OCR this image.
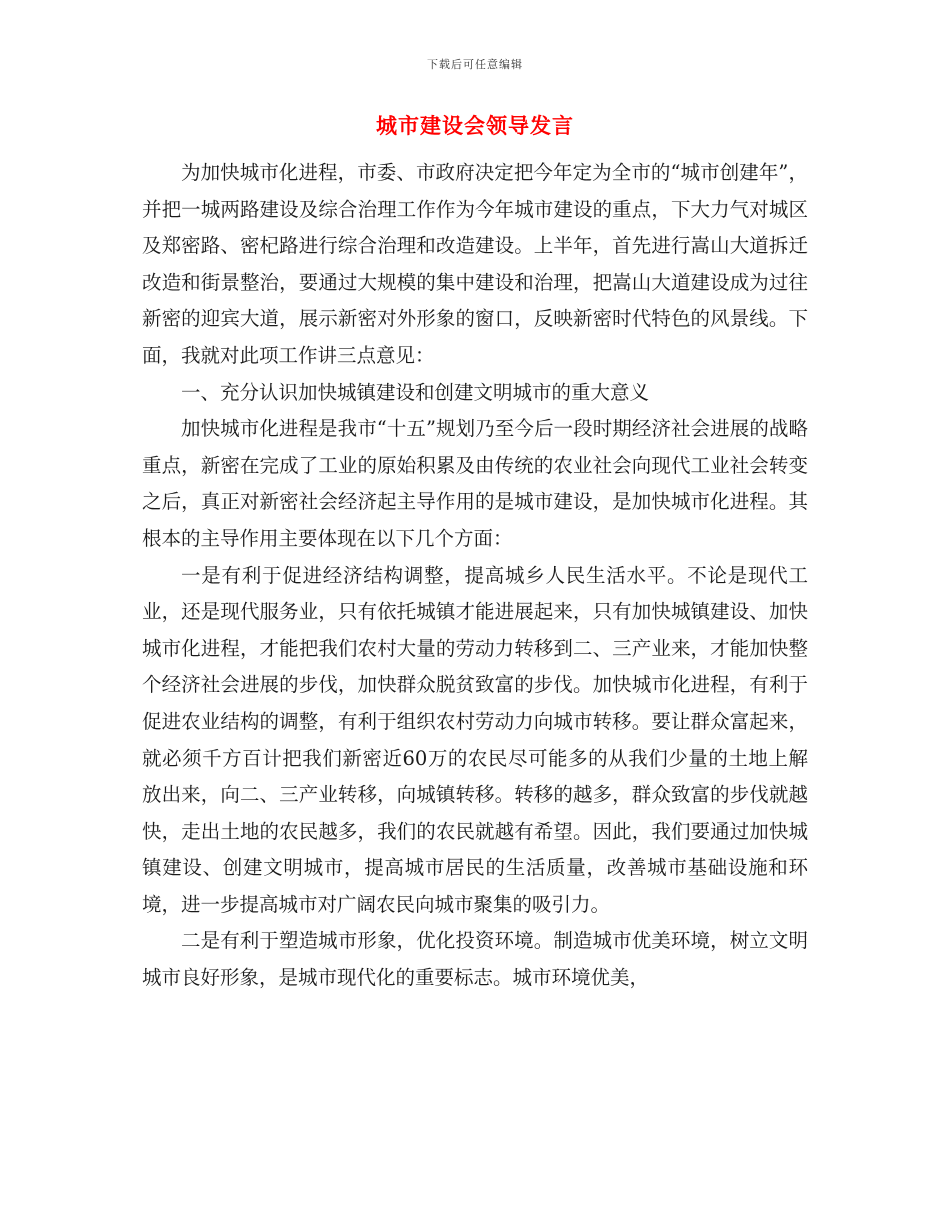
下载后可任意编辑
城市建设会领导发言

为加快城市化进程，市委、市政府决定把今年定为全市的“城市创建年”，并把一城两路建设及综合治理工作作为今年城市建设的重点，下大力气对城区及郑密路、密杞路进行综合治理和改造建设。上半年，首先进行嵩山大道拆迁改造和街景整治，要通过大规模的集中建设和治理，把嵩山大道建设成为过往新密的迎宾大道，展示新密对外形象的窗口，反映新密时代特色的风景线。下面，我就对此项工作讲三点意见：

一、充分认识加快城镇建设和创建文明城市的重大意义

加快城市化进程是我市“十五”规划乃至今后一段时期经济社会进展的战略重点，新密在完成了工业的原始积累及由传统的农业社会向现代工业社会转变之后，真正对新密社会经济起主导作用的是城市建设，是加快城市化进程。其根本的主导作用主要体现在以下几个方面：

一是有利于促进经济结构调整，提高城乡人民生活水平。不论是现代工业，还是现代服务业，只有依托城镇才能进展起来，只有加快城镇建设、加快城市化进程，才能把我们农村大量的劳动力转移到二、三产业来，才能加快整个经济社会进展的步伐，加快群众脱贫致富的步伐。加快城市化进程，有利于促进农业结构的调整，有利于组织农村劳动力向城市转移。要让群众富起来，就必须千方百计把我们新密近60万的农民尽可能多的从我们少量的土地上解放出来，向二、三产业转移，向城镇转移。转移的越多，群众致富的步伐就越快，走出土地的农民越多，我们的农民就越有希望。因此，我们要通过加快城镇建设、创建文明城市，提高城市居民的生活质量，改善城市基础设施和环境，进一步提高城市对广阔农民向城市聚集的吸引力。

二是有利于塑造城市形象，优化投资环境。制造城市优美环境，树立文明城市良好形象，是城市现代化的重要标志。城市环境优美，
